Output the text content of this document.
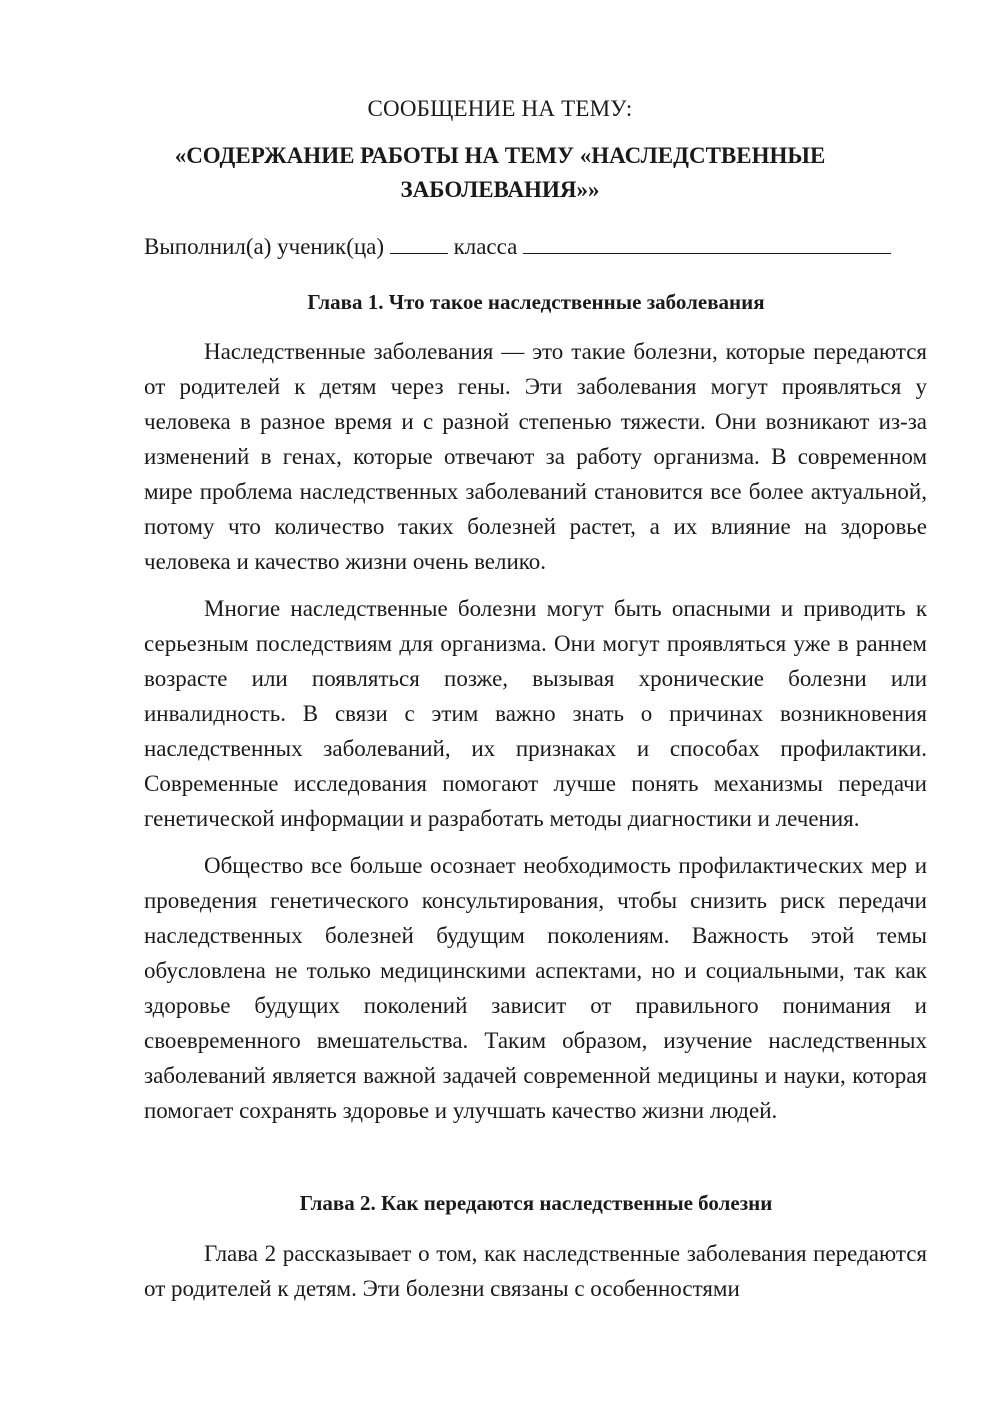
СООБЩЕНИЕ НА ТЕМУ:

«СОДЕРЖАНИЕ РАБОТЫ НА ТЕМУ «НАСЛЕДСТВЕННЫЕ

ЗАБОЛЕВАНИЯ»»

Выполнил(а) ученик(ца)	класса

Глава 1. Что такое наследственные заболевания

Наследственные заболевания — это такие болезни, которые передаются от родителей к детям через гены. Эти заболевания могут проявляться у человека в разное время и с разной степенью тяжести. Они возникают из-за изменений в генах, которые отвечают за работу организма. В современном мире проблема наследственных заболеваний становится все более актуальной, потому что количество таких болезней растет, а их влияние на здоровье человека и качество жизни очень велико.

Многие наследственные болезни могут быть опасными и приводить к серьезным последствиям для организма. Они могут проявляться уже в раннем возрасте или появляться позже, вызывая хронические болезни или инвалидность. В связи с этим важно знать о причинах возникновения наследственных заболеваний, их признаках и способах профилактики. Современные исследования помогают лучше понять механизмы передачи генетической информации и разработать методы диагностики и лечения.

Общество все больше осознает необходимость профилактических мер и проведения генетического консультирования, чтобы снизить риск передачи наследственных болезней будущим поколениям. Важность этой темы обусловлена не только медицинскими аспектами, но и социальными, так как здоровье будущих поколений зависит от правильного понимания и своевременного вмешательства. Таким образом, изучение наследственных заболеваний является важной задачей современной медицины и науки, которая помогает сохранять здоровье и улучшать качество жизни людей.

Глава 2. Как передаются наследственные болезни

Глава 2 рассказывает о том, как наследственные заболевания передаются от родителей к детям. Эти болезни связаны с особенностями
